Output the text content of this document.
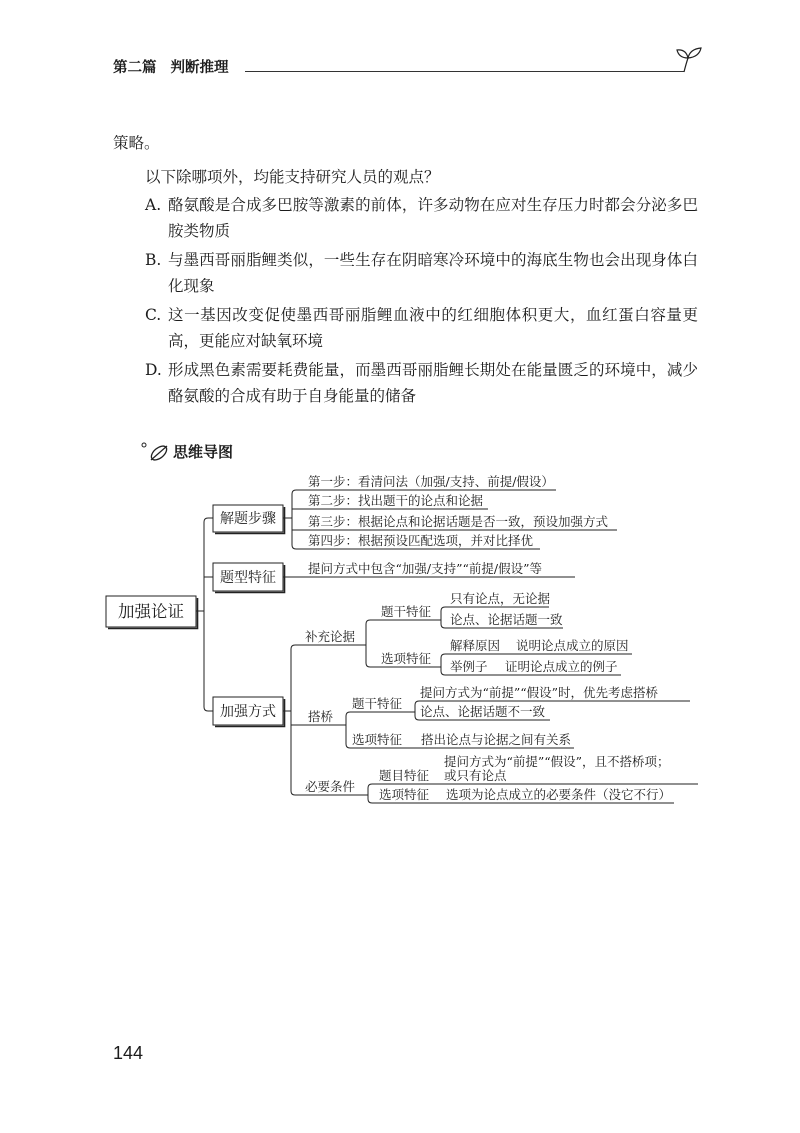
第二篇 判断推理
策略。
以下除哪项外，均能支持研究人员的观点？
A. 酪氨酸是合成多巴胺等激素的前体，许多动物在应对生存压力时都会分泌多巴
胺类物质
B. 与墨西哥丽脂鲤类似，一些生存在阴暗寒冷环境中的海底生物也会出现身体白
化现象
C. 这一基因改变促使墨西哥丽脂鲤血液中的红细胞体积更大，血红蛋白容量更
高，更能应对缺氧环境
D. 形成黑色素需要耗费能量，而墨西哥丽脂鲤长期处在能量匮乏的环境中，减少
酪氨酸的合成有助于自身能量的储备
思维导图
加强论证
解题步骤
题型特征
加强方式
第一步：看清问法（加强/支持、前提/假设）
第二步：找出题干的论点和论据
第三步：根据论点和论据话题是否一致，预设加强方式
第四步：根据预设匹配选项，并对比择优
提问方式中包含“加强/支持”“前提/假设”等
补充论据
题干特征
只有论点，无论据
论点、论据话题一致
选项特征
解释原因 说明论点成立的原因
举例子 证明论点成立的例子
搭桥
题干特征
提问方式为“前提”“假设”时，优先考虑搭桥
论点、论据话题不一致
选项特征 搭出论点与论据之间有关系
必要条件
题目特征
提问方式为“前提”“假设”，且不搭桥项；
或只有论点
选项特征 选项为论点成立的必要条件（没它不行）
144
